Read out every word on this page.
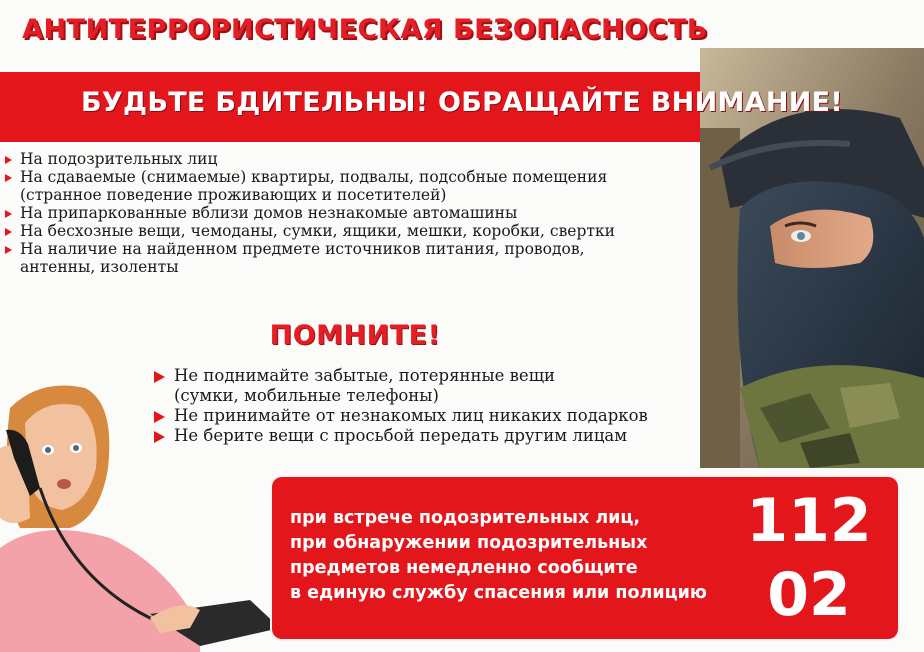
АНТИТЕРРОРИСТИЧЕСКАЯ БЕЗОПАСНОСТЬ
БУДЬТЕ БДИТЕЛЬНЫ! ОБРАЩАЙТЕ ВНИМАНИЕ!
На подозрительных лиц
На сдаваемые (снимаемые) квартиры, подвалы, подсобные помещения (странное поведение проживающих и посетителей)
На припаркованные вблизи домов незнакомые автомашины
На бесхозные вещи, чемоданы, сумки, ящики, мешки, коробки, свертки
На наличие на найденном предмете источников питания, проводов, антенны, изоленты
ПОМНИТЕ!
Не поднимайте забытые, потерянные вещи (сумки, мобильные телефоны)
Не принимайте от незнакомых лиц никаких подарков
Не берите вещи с просьбой передать другим лицам
при встрече подозрительных лиц,
при обнаружении подозрительных
предметов немедленно сообщите
в единую службу спасения или полицию
112
02
